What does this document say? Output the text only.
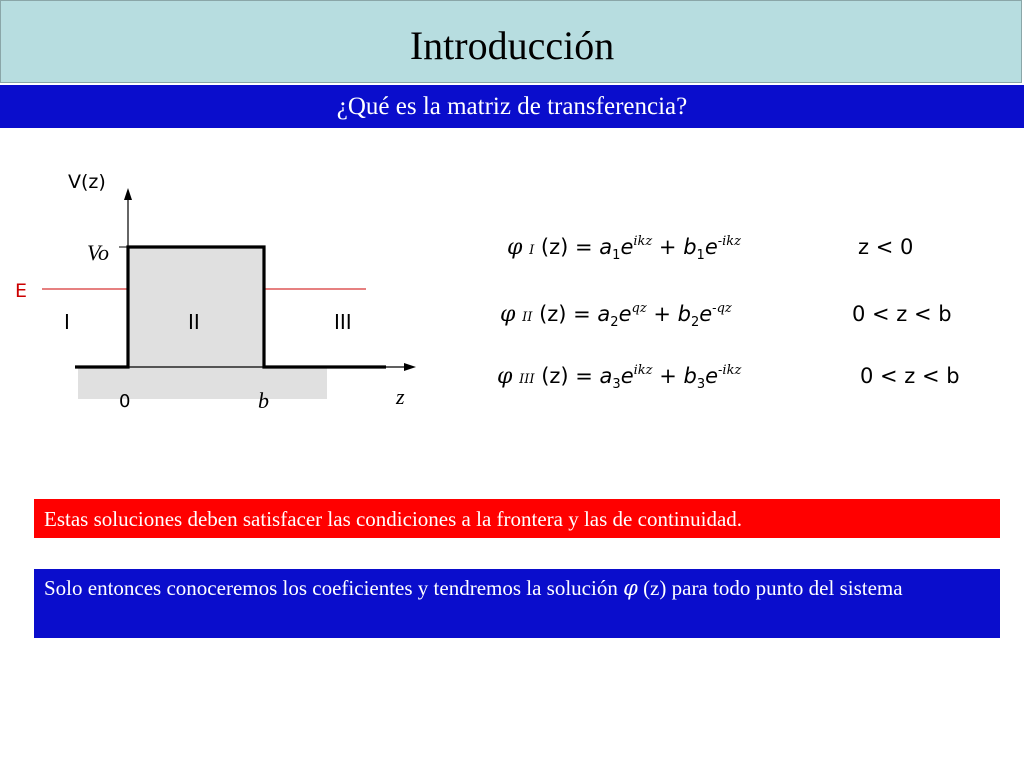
Introducción
¿Qué es la matriz de transferencia?
V(z)
Vo
E
I	II	III
0	b	z
φ I $(z) = a_1e^{ikz} + b_1e^{-ikz}$	z < 0
φ II $(z) = a_2e^{qz} + b_2e^{-qz}$	0 < z < b
φ III $(z) = a_3e^{ikz} + b_3e^{-ikz}$	0 < z < b
Estas soluciones deben satisfacer las condiciones a la frontera y las de continuidad.
Solo entonces conoceremos los coeficientes y tendremos la solución φ (z) para todo punto del sistema
